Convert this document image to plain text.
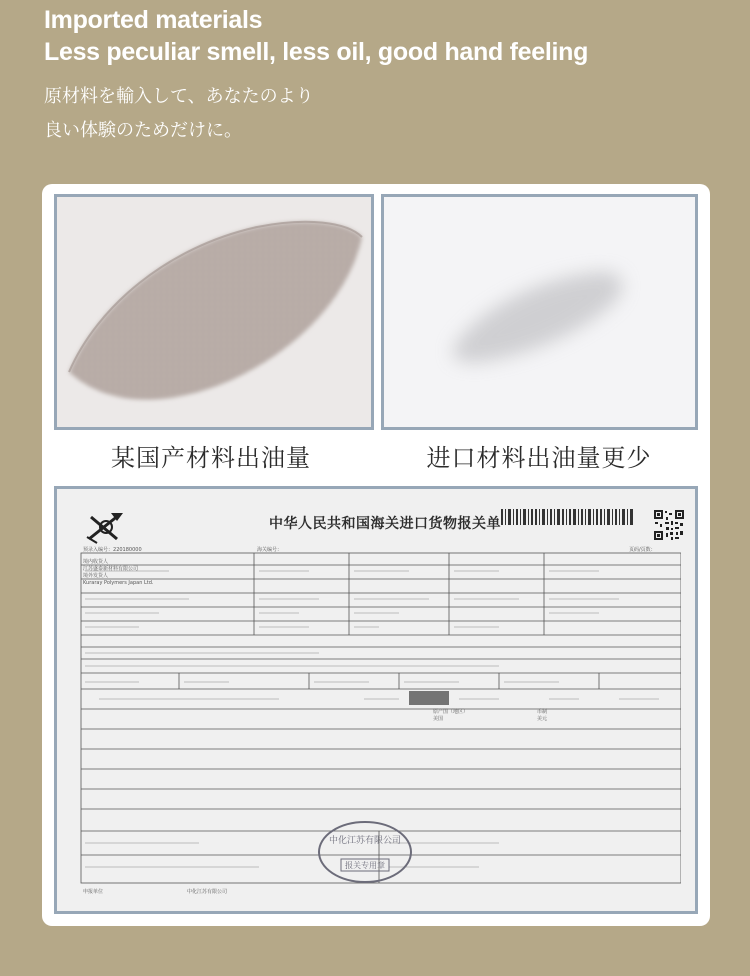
Imported materials
Less peculiar smell, less oil, good hand feeling

原材料を輸入して、あなたのより
良い体験のためだけに。

某国产材料出油量	进口材料出油量更少
中华人民共和国海关进口货物报关单
预录入编号：220180000	海关编号：	页码/页数：
境内收货人
江苏盛泰新材料有限公司
境外发货人
Kuraray Polymers Japan Ltd.
原产国（地区）
美国
币制
美元
申报单位	中化江苏有限公司
中化江苏有限公司
报关专用章
